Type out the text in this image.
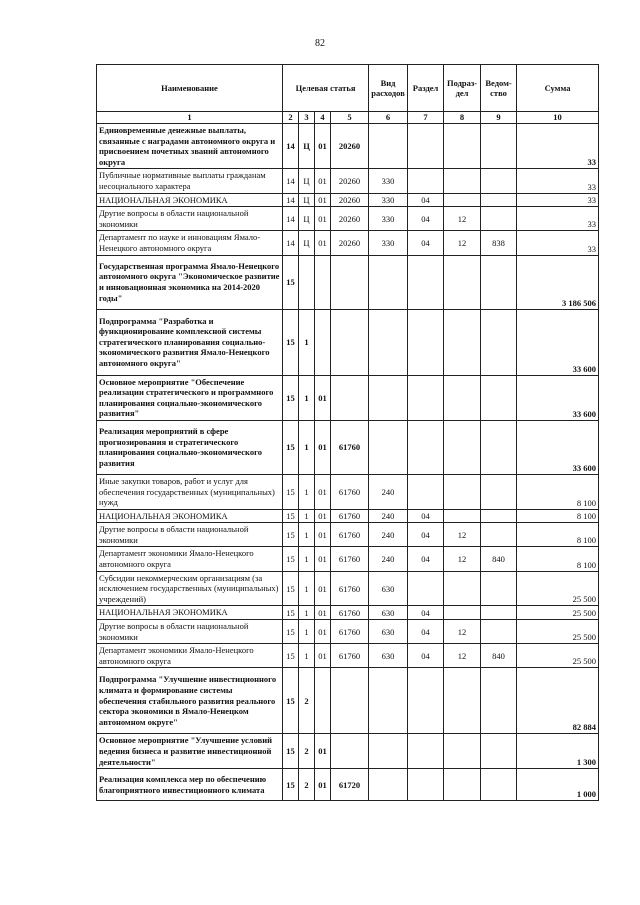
82
Наименование	Целевая статья				Вид расходов	Раздел	Подраз-дел	Ведом-ство	Сумма
1	2	3	4	5	6	7	8	9	10
Единовременные денежные выплаты, связанные с наградами автономного округа и присвоением почетных званий автономного округа	14	Ц	01	20260					33
Публичные нормативные выплаты гражданам несоциального характера	14	Ц	01	20260	330				33
НАЦИОНАЛЬНАЯ ЭКОНОМИКА	14	Ц	01	20260	330	04			33
Другие вопросы в области национальной экономики	14	Ц	01	20260	330	04	12		33
Департамент по науке и инновациям Ямало-Ненецкого автономного округа	14	Ц	01	20260	330	04	12	838	33
Государственная программа Ямало-Ненецкого автономного округа "Экономическое развитие и инновационная экономика на 2014-2020 годы"	15								3 186 506
Подпрограмма "Разработка и функционирование комплексной системы стратегического планирования социально-экономического развития Ямало-Ненецкого автономного округа"	15	1							33 600
Основное мероприятие "Обеспечение реализации стратегического и программного планирования социально-экономического развития"	15	1	01						33 600
Реализация мероприятий в сфере прогнозирования и стратегического планирования социально-экономического развития	15	1	01	61760					33 600
Иные закупки товаров, работ и услуг для обеспечения государственных (муниципальных) нужд	15	1	01	61760	240				8 100
НАЦИОНАЛЬНАЯ ЭКОНОМИКА	15	1	01	61760	240	04			8 100
Другие вопросы в области национальной экономики	15	1	01	61760	240	04	12		8 100
Департамент экономики Ямало-Ненецкого автономного округа	15	1	01	61760	240	04	12	840	8 100
Субсидии некоммерческим организациям (за исключением государственных (муниципальных) учреждений)	15	1	01	61760	630				25 500
НАЦИОНАЛЬНАЯ ЭКОНОМИКА	15	1	01	61760	630	04			25 500
Другие вопросы в области национальной экономики	15	1	01	61760	630	04	12		25 500
Департамент экономики Ямало-Ненецкого автономного округа	15	1	01	61760	630	04	12	840	25 500
Подпрограмма "Улучшение инвестиционного климата и формирование системы обеспечения стабильного развития реального сектора экономики в Ямало-Ненецком автономном округе"	15	2							82 884
Основное мероприятие "Улучшение условий ведения бизнеса и развитие инвестиционной деятельности"	15	2	01						1 300
Реализация комплекса мер по обеспечению благоприятного инвестиционного климата	15	2	01	61720					1 000
